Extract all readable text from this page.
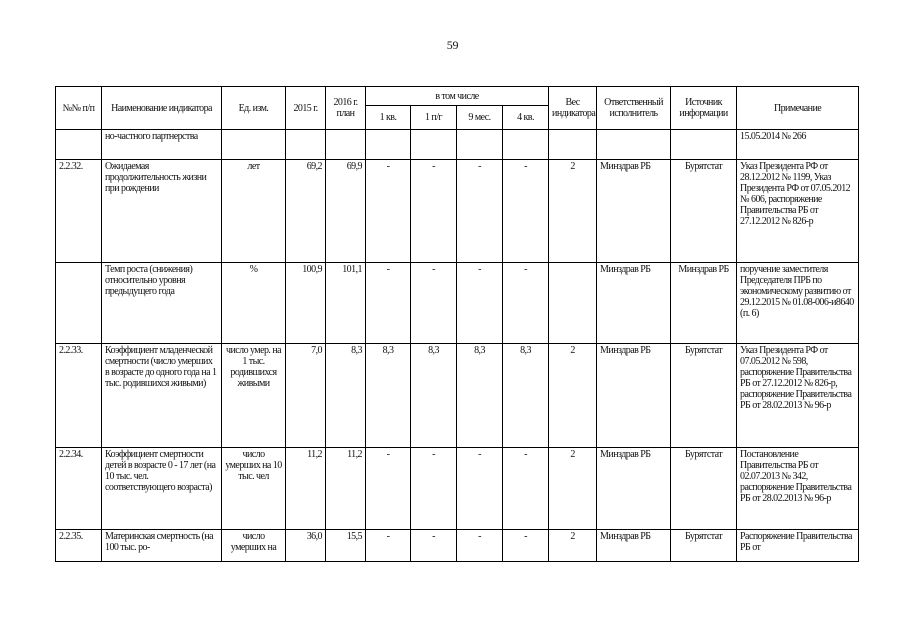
59
№№ п/п	Наименование индикатора	Ед. изм.	2015 г.	2016 г. план	в том числе				Вес индикатора	Ответственный исполнитель	Источник информации	Примечание
					1 кв.	1 п/г	9 мес.	4 кв.				
	но-частного партнерства											15.05.2014 № 266
2.2.32.	Ожидаемая продолжительность жизни при рождении	лет	69,2	69,9	-	-	-	-	2	Минздрав РБ	Бурятстат	Указ Президента РФ от 28.12.2012 № 1199, Указ Президента РФ от 07.05.2012 № 606, распоряжение Правительства РБ от 27.12.2012 № 826-р
	Темп роста (снижения) относительно уровня предыдущего года	%	100,9	101,1	-	-	-	-		Минздрав РБ	Минздрав РБ	поручение заместителя Председателя ПРБ по экономическому развитию от 29.12.2015 № 01.08-006-и8640 (п. 6)
2.2.33.	Коэффициент младенческой смертности (число умерших в возрасте до одного года на 1 тыс. родившихся живыми)	число умер. на 1 тыс. родившихся живыми	7,0	8,3	8,3	8,3	8,3	8,3	2	Минздрав РБ	Бурятстат	Указ Президента РФ от 07.05.2012 № 598, распоряжение Правительства РБ от 27.12.2012 № 826-р, распоряжение Правительства РБ от 28.02.2013 № 96-р
2.2.34.	Коэффициент смертности детей в возрасте 0 - 17 лет (на 10 тыс. чел. соответствующего возраста)	число умерших на 10 тыс. чел	11,2	11,2	-	-	-	-	2	Минздрав РБ	Бурятстат	Постановление Правительства РБ от 02.07.2013 № 342, распоряжение Правительства РБ от 28.02.2013 № 96-р
2.2.35.	Материнская смертность (на 100 тыс. ро-	число умерших на	36,0	15,5	-	-	-	-	2	Минздрав РБ	Бурятстат	Распоряжение Правительства РБ от
